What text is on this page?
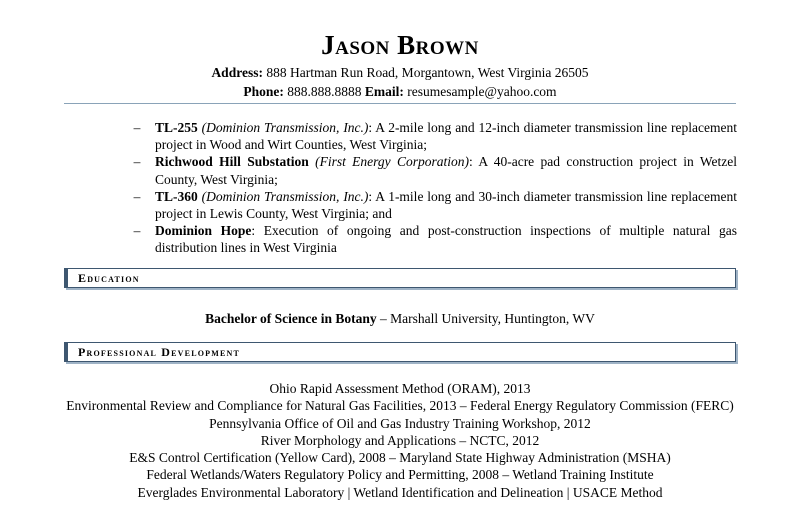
Jason Brown
Address: 888 Hartman Run Road, Morgantown, West Virginia 26505
Phone: 888.888.8888 Email: resumesample@yahoo.com
–	TL-255 (Dominion Transmission, Inc.): A 2-mile long and 12-inch diameter transmission line replacement project in Wood and Wirt Counties, West Virginia;
–	Richwood Hill Substation (First Energy Corporation): A 40-acre pad construction project in Wetzel County, West Virginia;
–	TL-360 (Dominion Transmission, Inc.): A 1-mile long and 30-inch diameter transmission line replacement project in Lewis County, West Virginia; and
–	Dominion Hope: Execution of ongoing and post-construction inspections of multiple natural gas distribution lines in West Virginia
Education
Bachelor of Science in Botany – Marshall University, Huntington, WV
Professional Development
Ohio Rapid Assessment Method (ORAM), 2013
Environmental Review and Compliance for Natural Gas Facilities, 2013 – Federal Energy Regulatory Commission (FERC)
Pennsylvania Office of Oil and Gas Industry Training Workshop, 2012
River Morphology and Applications – NCTC, 2012
E&S Control Certification (Yellow Card), 2008 – Maryland State Highway Administration (MSHA)
Federal Wetlands/Waters Regulatory Policy and Permitting, 2008 – Wetland Training Institute
Everglades Environmental Laboratory | Wetland Identification and Delineation | USACE Method
